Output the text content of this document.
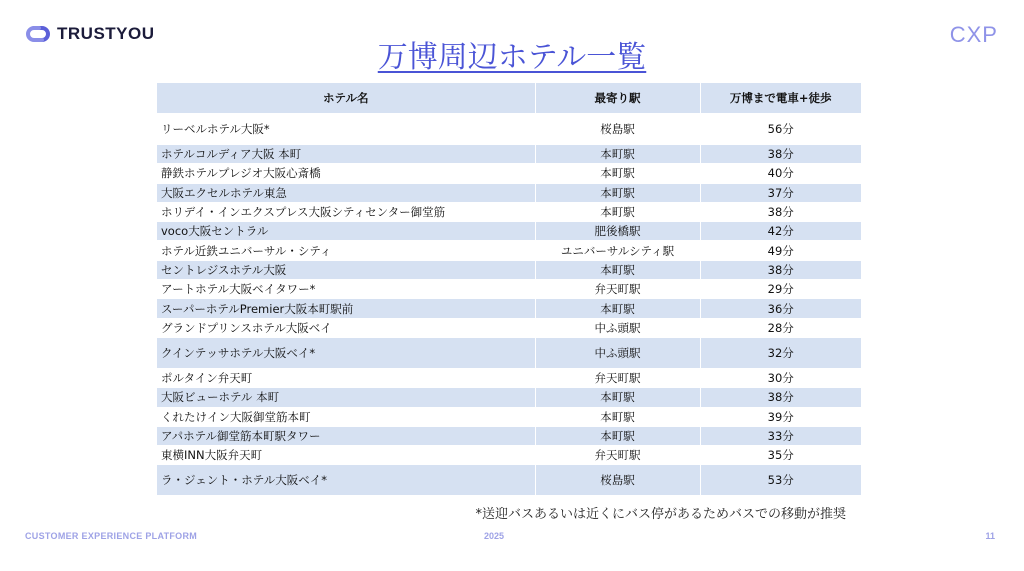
TRUSTYOU	CXP
万博周辺ホテル一覧
ホテル名	最寄り駅	万博まで電車+徒歩
リーベルホテル大阪*	桜島駅	56分
ホテルコルディア大阪 本町	本町駅	38分
静鉄ホテルプレジオ大阪心斎橋	本町駅	40分
大阪エクセルホテル東急	本町駅	37分
ホリデイ・インエクスプレス大阪シティセンター御堂筋	本町駅	38分
voco大阪セントラル	肥後橋駅	42分
ホテル近鉄ユニバーサル・シティ	ユニバーサルシティ駅	49分
セントレジスホテル大阪	本町駅	38分
アートホテル大阪ベイタワー*	弁天町駅	29分
スーパーホテルPremier大阪本町駅前	本町駅	36分
グランドプリンスホテル大阪ベイ	中ふ頭駅	28分
クインテッサホテル大阪ベイ*	中ふ頭駅	32分
ポルタイン弁天町	弁天町駅	30分
大阪ビューホテル 本町	本町駅	38分
くれたけイン大阪御堂筋本町	本町駅	39分
アパホテル御堂筋本町駅タワー	本町駅	33分
東横INN大阪弁天町	弁天町駅	35分
ラ・ジェント・ホテル大阪ベイ*	桜島駅	53分
*送迎バスあるいは近くにバス停があるためバスでの移動が推奨
CUSTOMER EXPERIENCE PLATFORM	2025	11
